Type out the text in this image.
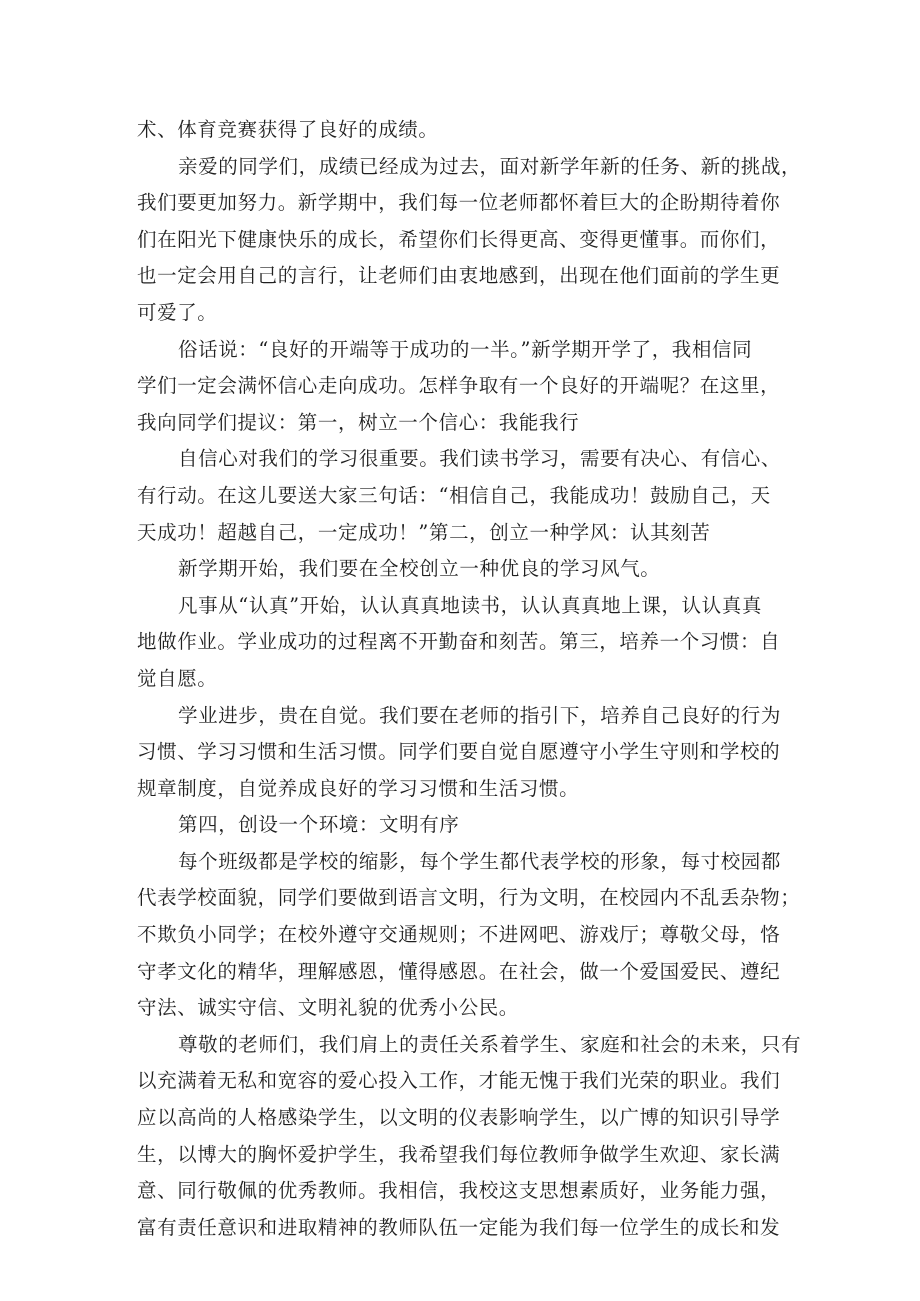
术、体育竞赛获得了良好的成绩。
亲爱的同学们，成绩已经成为过去，面对新学年新的任务、新的挑战，
我们要更加努力。新学期中，我们每一位老师都怀着巨大的企盼期待着你
们在阳光下健康快乐的成长，希望你们长得更高、变得更懂事。而你们，
也一定会用自己的言行，让老师们由衷地感到，出现在他们面前的学生更
可爱了。
俗话说：“良好的开端等于成功的一半。”新学期开学了，我相信同
学们一定会满怀信心走向成功。怎样争取有一个良好的开端呢？在这里，
我向同学们提议：第一，树立一个信心：我能我行
自信心对我们的学习很重要。我们读书学习，需要有决心、有信心、
有行动。在这儿要送大家三句话：“相信自己，我能成功！鼓励自己，天
天成功！超越自己，一定成功！”第二，创立一种学风：认其刻苦
新学期开始，我们要在全校创立一种优良的学习风气。
凡事从“认真”开始，认认真真地读书，认认真真地上课，认认真真
地做作业。学业成功的过程离不开勤奋和刻苦。第三，培养一个习惯：自
觉自愿。
学业进步，贵在自觉。我们要在老师的指引下，培养自己良好的行为
习惯、学习习惯和生活习惯。同学们要自觉自愿遵守小学生守则和学校的
规章制度，自觉养成良好的学习习惯和生活习惯。
第四，创设一个环境：文明有序
每个班级都是学校的缩影，每个学生都代表学校的形象，每寸校园都
代表学校面貌，同学们要做到语言文明，行为文明，在校园内不乱丢杂物；
不欺负小同学；在校外遵守交通规则；不进网吧、游戏厅；尊敬父母，恪
守孝文化的精华，理解感恩，懂得感恩。在社会，做一个爱国爱民、遵纪
守法、诚实守信、文明礼貌的优秀小公民。
尊敬的老师们，我们肩上的责任关系着学生、家庭和社会的未来，只有
以充满着无私和宽容的爱心投入工作，才能无愧于我们光荣的职业。我们
应以高尚的人格感染学生，以文明的仪表影响学生，以广博的知识引导学
生，以博大的胸怀爱护学生，我希望我们每位教师争做学生欢迎、家长满
意、同行敬佩的优秀教师。我相信，我校这支思想素质好，业务能力强，
富有责任意识和进取精神的教师队伍一定能为我们每一位学生的成长和发
